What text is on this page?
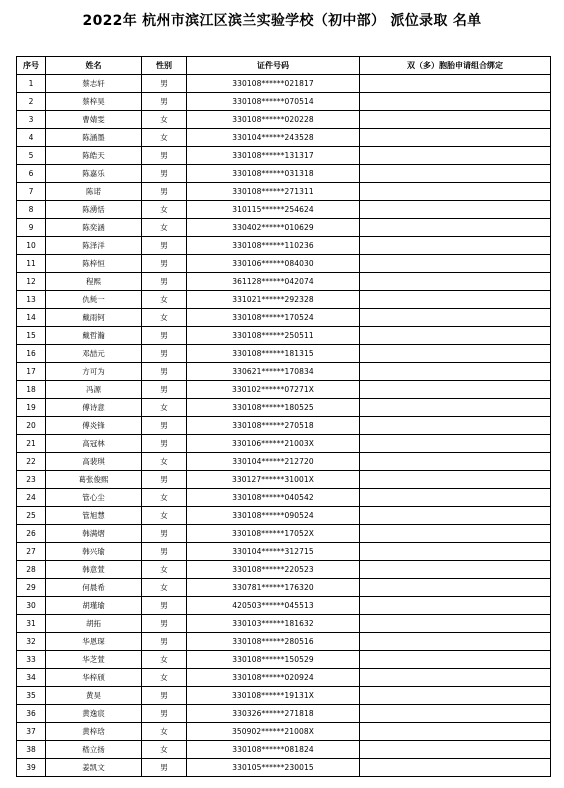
2022年 杭州市滨江区滨兰实验学校（初中部） 派位录取 名单
序号	姓名	性别	证件号码	双（多）胞胎申请组合绑定
1	蔡志轩	男	330108******021817	
2	蔡梓昊	男	330108******070514	
3	曹婧雯	女	330108******020228	
4	陈涵墨	女	330104******243528	
5	陈皓天	男	330108******131317	
6	陈嘉乐	男	330108******031318	
7	陈诺	男	330108******271311	
8	陈湧恬	女	310115******254624	
9	陈奕涵	女	330402******010629	
10	陈泽洋	男	330108******110236	
11	陈梓恒	男	330106******084030	
12	程熙	男	361128******042074	
13	仇毵一	女	331021******292328	
14	戴雨钶	女	330108******170524	
15	戴哲瀚	男	330108******250511	
16	邓喆元	男	330108******181315	
17	方可为	男	330621******170834	
18	冯源	男	330102******07271X	
19	傅诗意	女	330108******180525	
20	傅炎锋	男	330108******270518	
21	高冠林	男	330106******21003X	
22	高裴琪	女	330104******212720	
23	葛张俊熙	男	330127******31001X	
24	管心尘	女	330108******040542	
25	管旭慧	女	330108******090524	
26	韩满熠	男	330108******17052X	
27	韩兴瑜	男	330104******312715	
28	韩意萱	女	330108******220523	
29	何晨希	女	330781******176320	
30	胡瑾瑜	男	420503******045513	
31	胡拓	男	330103******181632	
32	华恩琛	男	330108******280516	
33	华芝萱	女	330108******150529	
34	华梓颀	女	330108******020924	
35	黄昊	男	330108******19131X	
36	黄逸宸	男	330326******271818	
37	黄梓琀	女	350902******21008X	
38	嵇立扬	女	330108******081824	
39	姜凯文	男	330105******230015	
